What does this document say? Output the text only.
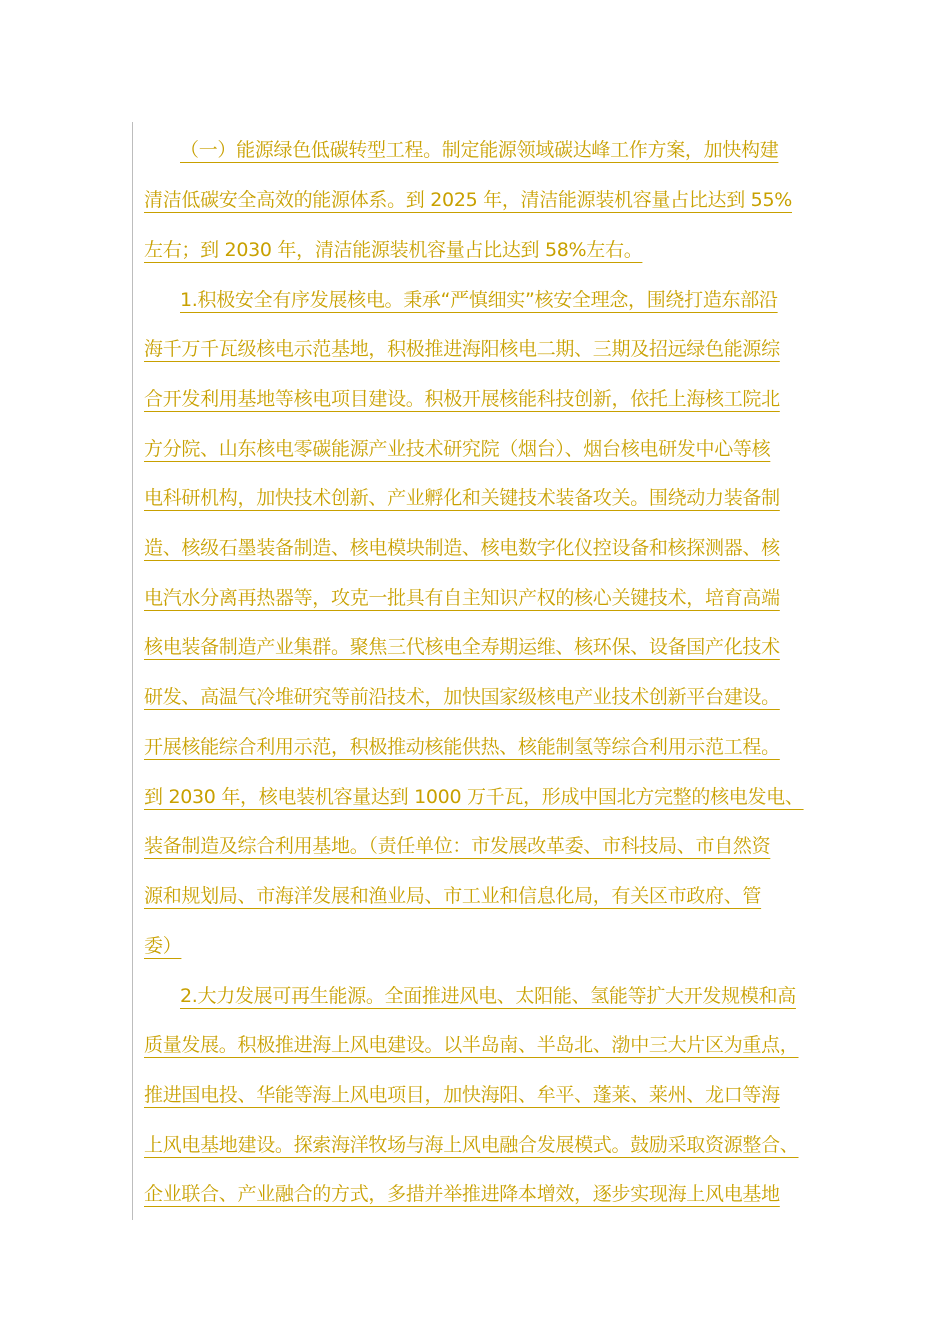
（一）能源绿色低碳转型工程。制定能源领域碳达峰工作方案，加快构建
清洁低碳安全高效的能源体系。到 2025 年，清洁能源装机容量占比达到 55%
左右；到 2030 年，清洁能源装机容量占比达到 58%左右。
1.积极安全有序发展核电。秉承“严慎细实”核安全理念，围绕打造东部沿
海千万千瓦级核电示范基地，积极推进海阳核电二期、三期及招远绿色能源综
合开发利用基地等核电项目建设。积极开展核能科技创新，依托上海核工院北
方分院、山东核电零碳能源产业技术研究院（烟台）、烟台核电研发中心等核
电科研机构，加快技术创新、产业孵化和关键技术装备攻关。围绕动力装备制
造、核级石墨装备制造、核电模块制造、核电数字化仪控设备和核探测器、核
电汽水分离再热器等，攻克一批具有自主知识产权的核心关键技术，培育高端
核电装备制造产业集群。聚焦三代核电全寿期运维、核环保、设备国产化技术
研发、高温气冷堆研究等前沿技术，加快国家级核电产业技术创新平台建设。
开展核能综合利用示范，积极推动核能供热、核能制氢等综合利用示范工程。
到 2030 年，核电装机容量达到 1000 万千瓦，形成中国北方完整的核电发电、
装备制造及综合利用基地。（责任单位：市发展改革委、市科技局、市自然资
源和规划局、市海洋发展和渔业局、市工业和信息化局，有关区市政府、管
委）
2.大力发展可再生能源。全面推进风电、太阳能、氢能等扩大开发规模和高
质量发展。积极推进海上风电建设。以半岛南、半岛北、渤中三大片区为重点，
推进国电投、华能等海上风电项目，加快海阳、牟平、蓬莱、莱州、龙口等海
上风电基地建设。探索海洋牧场与海上风电融合发展模式。鼓励采取资源整合、
企业联合、产业融合的方式，多措并举推进降本增效，逐步实现海上风电基地
